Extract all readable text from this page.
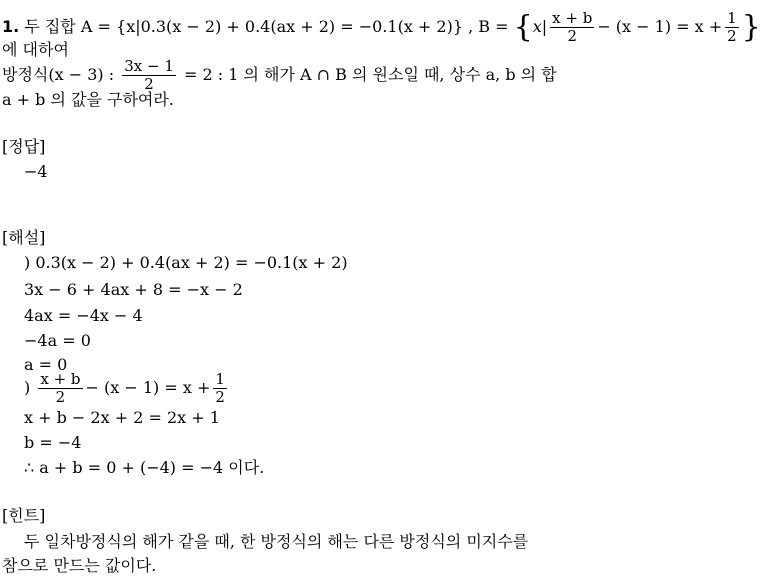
1. 두 집합 A = {x|0.3(x − 2) + 0.4(ax + 2) = −0.1(x + 2)} , $B = \{x| \frac{x + b}{2} - (x - 1) = x + \frac{1}{2}$ }
에 대하여
방정식(x − 3) : $\frac{3x - 1}{2} = 2$ : 1 의 해가 A ∩ B 의 원소일 때, 상수 a, b 의 합
a + b 의 값을 구하여라.
[정답]
−4
[해설]
) 0.3(x − 2) + 0.4(ax + 2) = −0.1(x + 2)
3x − 6 + 4ax + 8 = −x − 2
4ax = −4x − 4
−4a = 0
a = 0
) $\frac{x + b}{2} - (x - 1) = x + \frac{1}{2}$
x + b − 2x + 2 = 2x + 1
b = −4
∴ a + b = 0 + (−4) = −4 이다.
[힌트]
두 일차방정식의 해가 같을 때, 한 방정식의 해는 다른 방정식의 미지수를
참으로 만드는 값이다.
